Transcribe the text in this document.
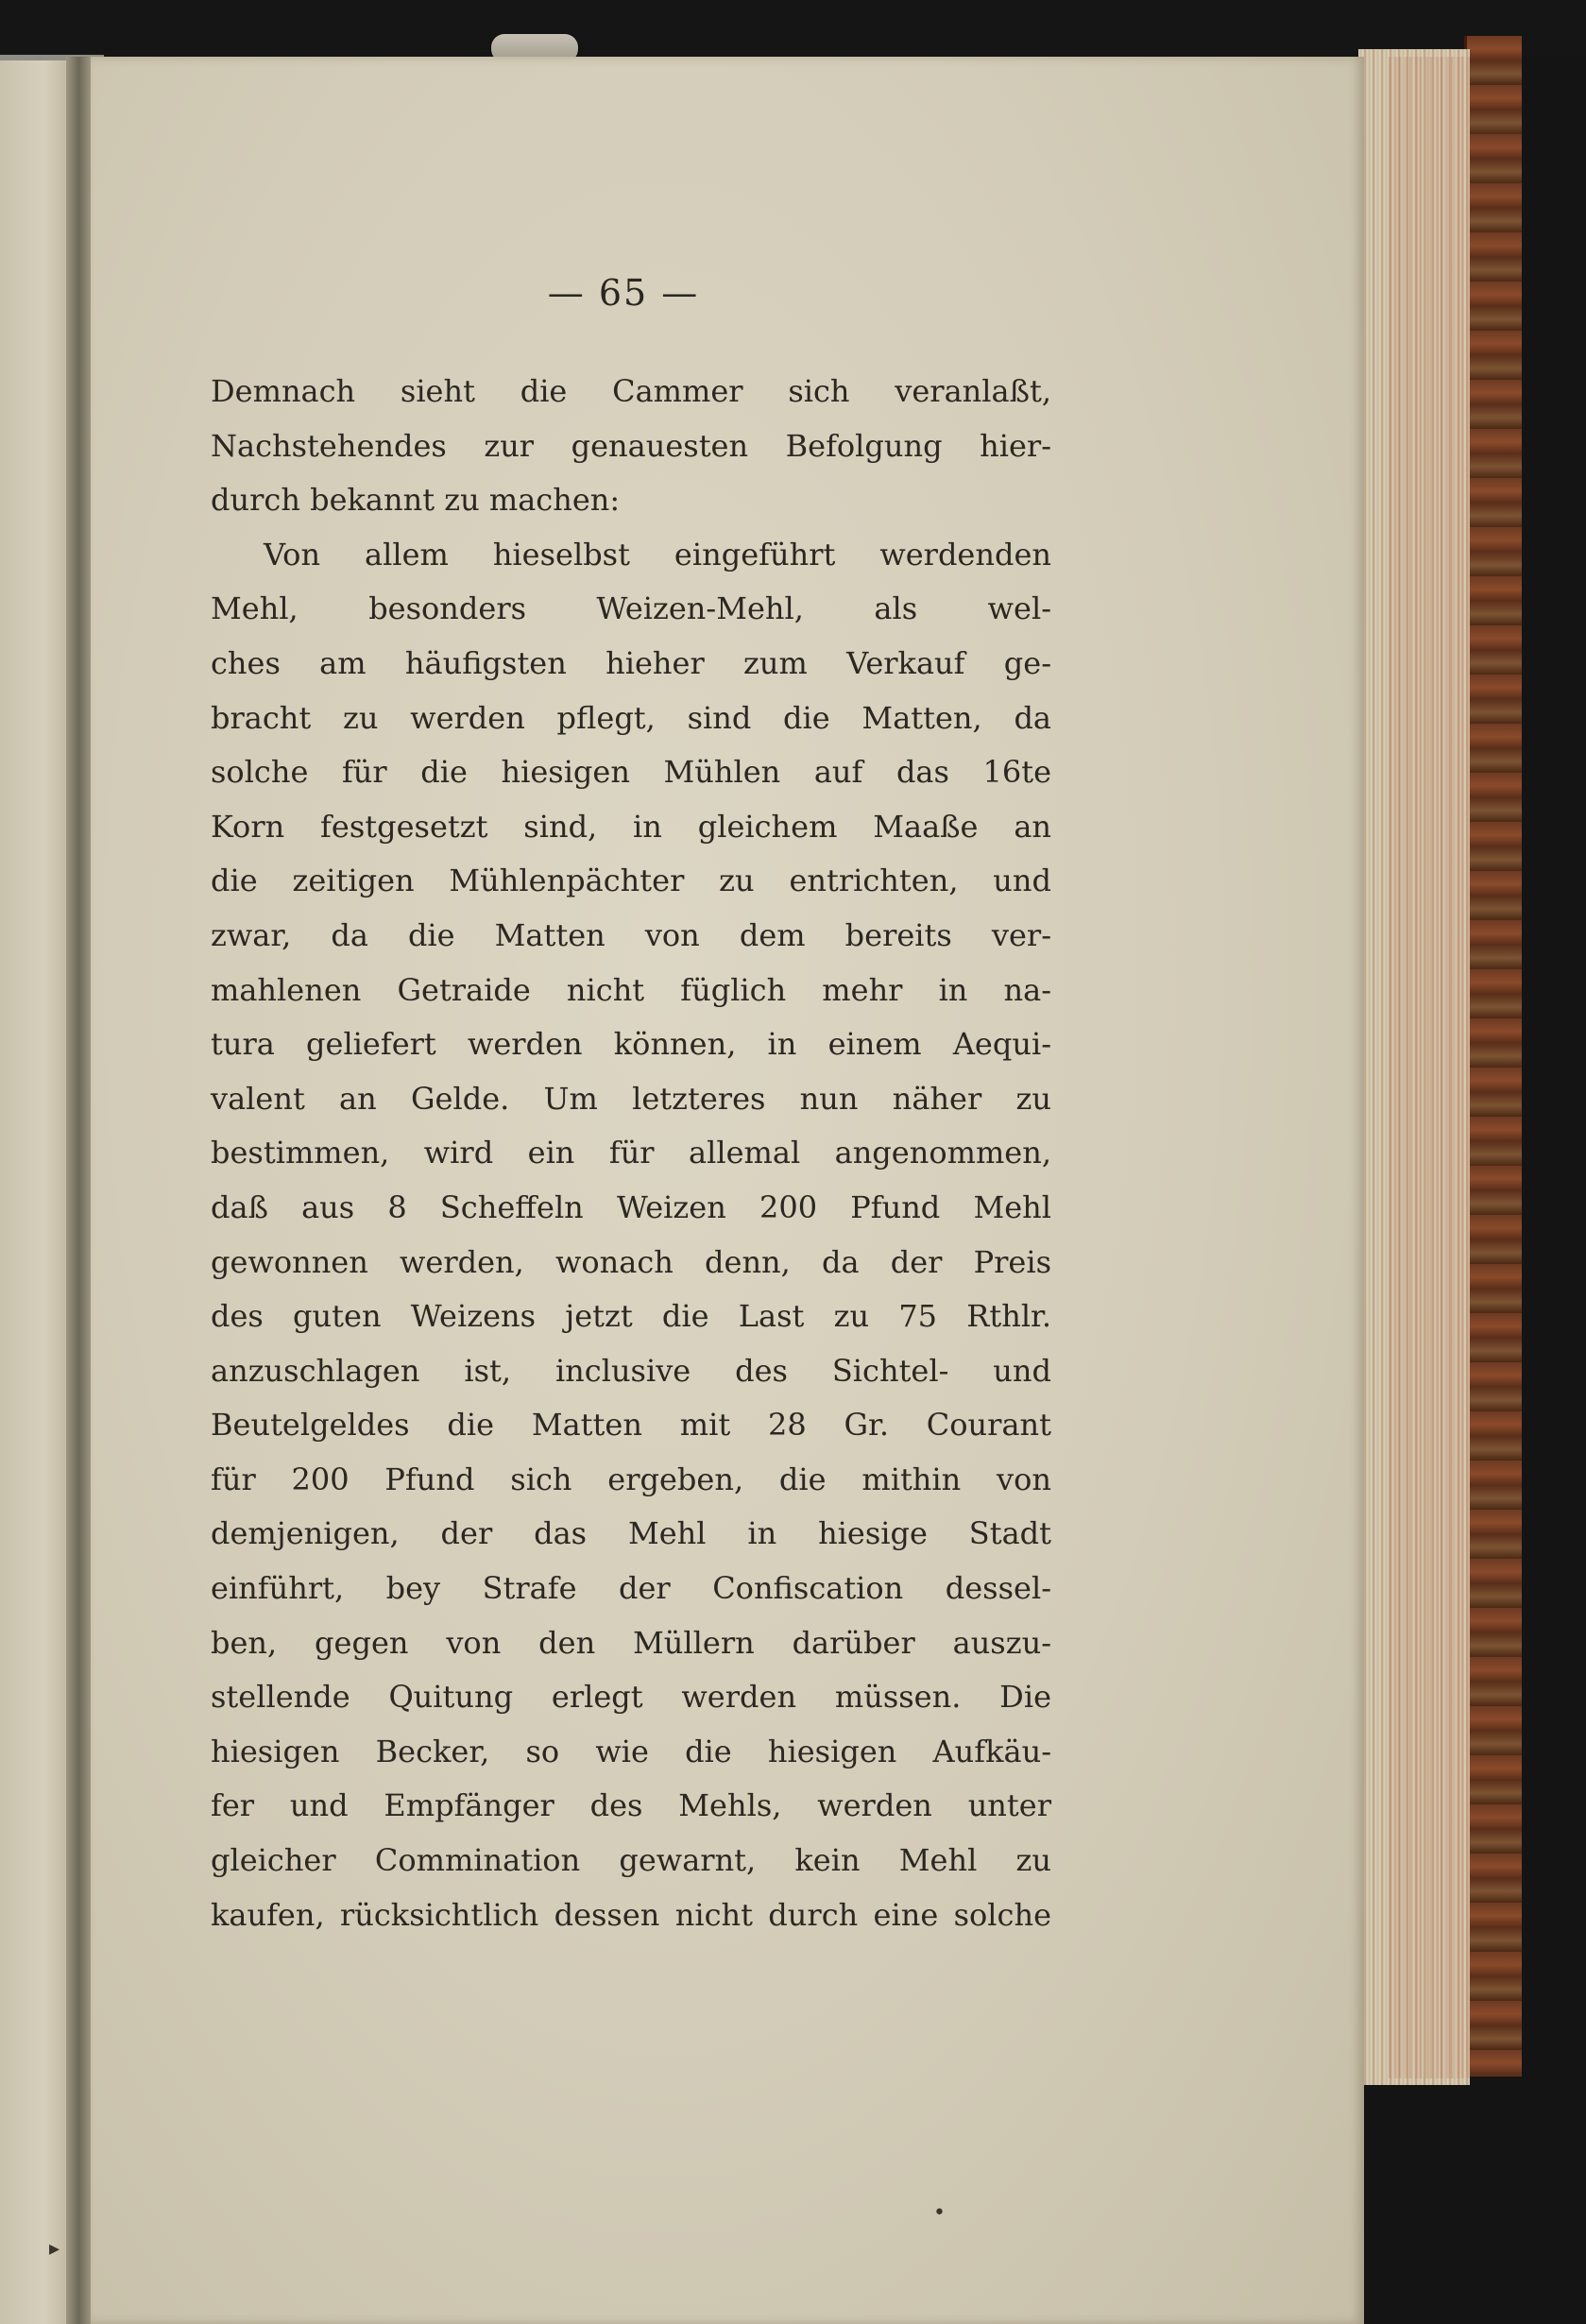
— 65 —
Demnach sieht die Cammer sich veranlaßt,
Nachstehendes zur genauesten Befolgung hier-
durch bekannt zu machen:
Von allem hieselbst eingeführt werdenden
Mehl, besonders Weizen-Mehl, als wel-
ches am häufigsten hieher zum Verkauf ge-
bracht zu werden pflegt, sind die Matten, da
solche für die hiesigen Mühlen auf das 16te
Korn festgesetzt sind, in gleichem Maaße an
die zeitigen Mühlenpächter zu entrichten, und
zwar, da die Matten von dem bereits ver-
mahlenen Getraide nicht füglich mehr in na-
tura geliefert werden können, in einem Aequi-
valent an Gelde. Um letzteres nun näher zu
bestimmen, wird ein für allemal angenommen,
daß aus 8 Scheffeln Weizen 200 Pfund Mehl
gewonnen werden, wonach denn, da der Preis
des guten Weizens jetzt die Last zu 75 Rthlr.
anzuschlagen ist, inclusive des Sichtel- und
Beutelgeldes die Matten mit 28 Gr. Courant
für 200 Pfund sich ergeben, die mithin von
demjenigen, der das Mehl in hiesige Stadt
einführt, bey Strafe der Confiscation dessel-
ben, gegen von den Müllern darüber auszu-
stellende Quitung erlegt werden müssen. Die
hiesigen Becker, so wie die hiesigen Aufkäu-
fer und Empfänger des Mehls, werden unter
gleicher Commination gewarnt, kein Mehl zu
kaufen, rücksichtlich dessen nicht durch eine solche
▸
•
